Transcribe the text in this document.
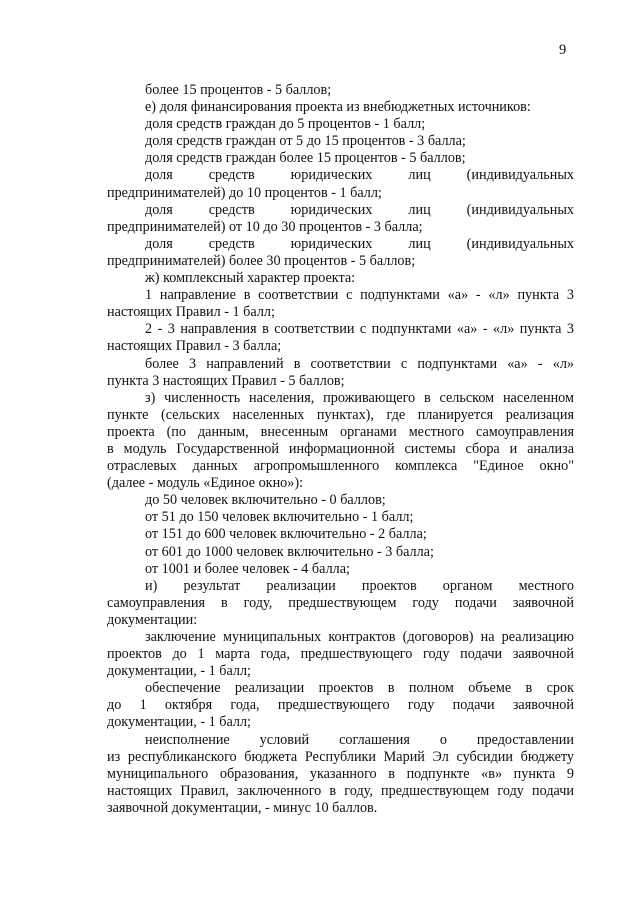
9
более 15 процентов - 5 баллов;
е) доля финансирования проекта из внебюджетных источников:
доля средств граждан до 5 процентов - 1 балл;
доля средств граждан от 5 до 15 процентов - 3 балла;
доля средств граждан более 15 процентов - 5 баллов;
доля средств юридических лиц (индивидуальных
предпринимателей) до 10 процентов - 1 балл;
доля средств юридических лиц (индивидуальных
предпринимателей) от 10 до 30 процентов - 3 балла;
доля средств юридических лиц (индивидуальных
предпринимателей) более 30 процентов - 5 баллов;
ж) комплексный характер проекта:
1 направление в соответствии с подпунктами «а» - «л» пункта 3
настоящих Правил - 1 балл;
2 - 3 направления в соответствии с подпунктами «а» - «л» пункта 3
настоящих Правил - 3 балла;
более 3 направлений в соответствии с подпунктами «а» - «л»
пункта 3 настоящих Правил - 5 баллов;
з) численность населения, проживающего в сельском населенном
пункте (сельских населенных пунктах), где планируется реализация
проекта (по данным, внесенным органами местного самоуправления
в модуль Государственной информационной системы сбора и анализа
отраслевых данных агропромышленного комплекса "Единое окно"
(далее - модуль «Единое окно»):
до 50 человек включительно - 0 баллов;
от 51 до 150 человек включительно - 1 балл;
от 151 до 600 человек включительно - 2 балла;
от 601 до 1000 человек включительно - 3 балла;
от 1001 и более человек - 4 балла;
и) результат реализации проектов органом местного
самоуправления в году, предшествующем году подачи заявочной
документации:
заключение муниципальных контрактов (договоров) на реализацию
проектов до 1 марта года, предшествующего году подачи заявочной
документации, - 1 балл;
обеспечение реализации проектов в полном объеме в срок
до 1 октября года, предшествующего году подачи заявочной
документации, - 1 балл;
неисполнение условий соглашения о предоставлении
из республиканского бюджета Республики Марий Эл субсидии бюджету
муниципального образования, указанного в подпункте «в» пункта 9
настоящих Правил, заключенного в году, предшествующем году подачи
заявочной документации, - минус 10 баллов.
